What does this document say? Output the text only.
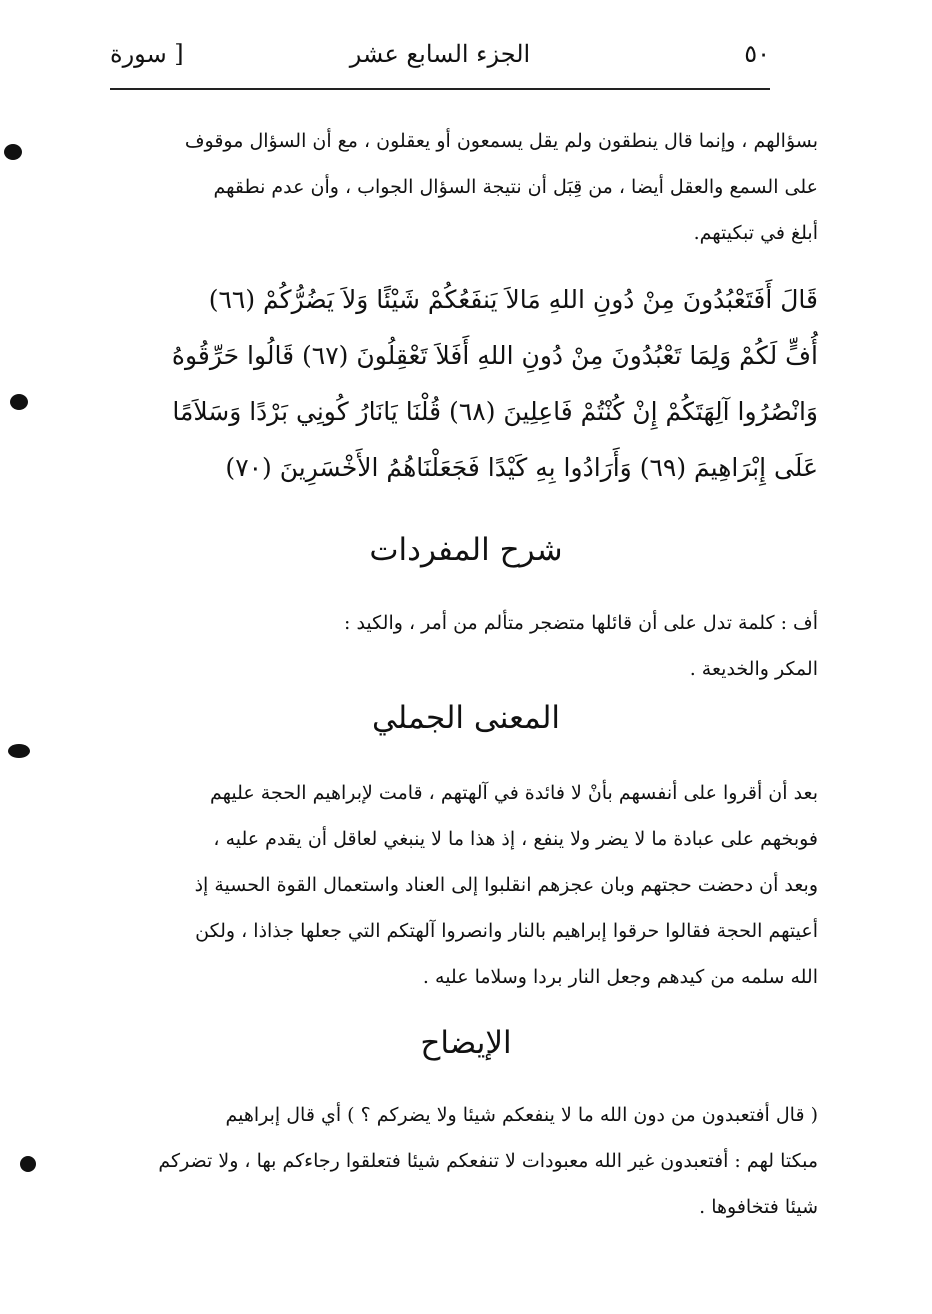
٥٠
الجزء السابع عشر
[ سورة

بسؤالهم ، وإنما قال ينطقون ولم يقل يسمعون أو يعقلون ، مع أن السؤال موقوف

على السمع والعقل أيضا ، من قِبَل أن نتيجة السؤال الجواب ، وأن عدم نطقهم

أبلغ في تبكيتهم.

قَالَ أَفَتَعْبُدُونَ مِنْ دُونِ اللهِ مَالاَ يَنفَعُكُمْ شَيْئًا وَلاَ يَضُرُّكُمْ (٦٦)

أُفٍّ لَكُمْ وَلِمَا تَعْبُدُونَ مِنْ دُونِ اللهِ أَفَلاَ تَعْقِلُونَ (٦٧) قَالُوا حَرِّقُوهُ

وَانْصُرُوا آلِهَتَكُمْ إِنْ كُنْتُمْ فَاعِلِينَ (٦٨) قُلْنَا يَانَارُ كُونِي بَرْدًا وَسَلاَمًا

عَلَى إِبْرَاهِيمَ (٦٩) وَأَرَادُوا بِهِ كَيْدًا فَجَعَلْنَاهُمُ الأَخْسَرِينَ (٧٠)

شرح المفردات

أف : كلمة تدل على أن قائلها متضجر متألم من أمر ، والكيد :

المكر والخديعة .

المعنى الجملي

بعد أن أقروا على أنفسهم بأنْ لا فائدة في آلهتهم ، قامت لإبراهيم الحجة عليهم

فوبخهم على عبادة ما لا يضر ولا ينفع ، إذ هذا ما لا ينبغي لعاقل أن يقدم عليه ،

وبعد أن دحضت حجتهم وبان عجزهم انقلبوا إلى العناد واستعمال القوة الحسية إذ

أعيتهم الحجة فقالوا حرقوا إبراهيم بالنار وانصروا آلهتكم التي جعلها جذاذا ، ولكن

الله سلمه من كيدهم وجعل النار بردا وسلاما عليه .

الإيضاح

( قال أفتعبدون من دون الله ما لا ينفعكم شيئا ولا يضركم ؟ ) أي قال إبراهيم

مبكتا لهم : أفتعبدون غير الله معبودات لا تنفعكم شيئا فتعلقوا رجاءكم بها ، ولا تضركم

شيئا فتخافوها .
